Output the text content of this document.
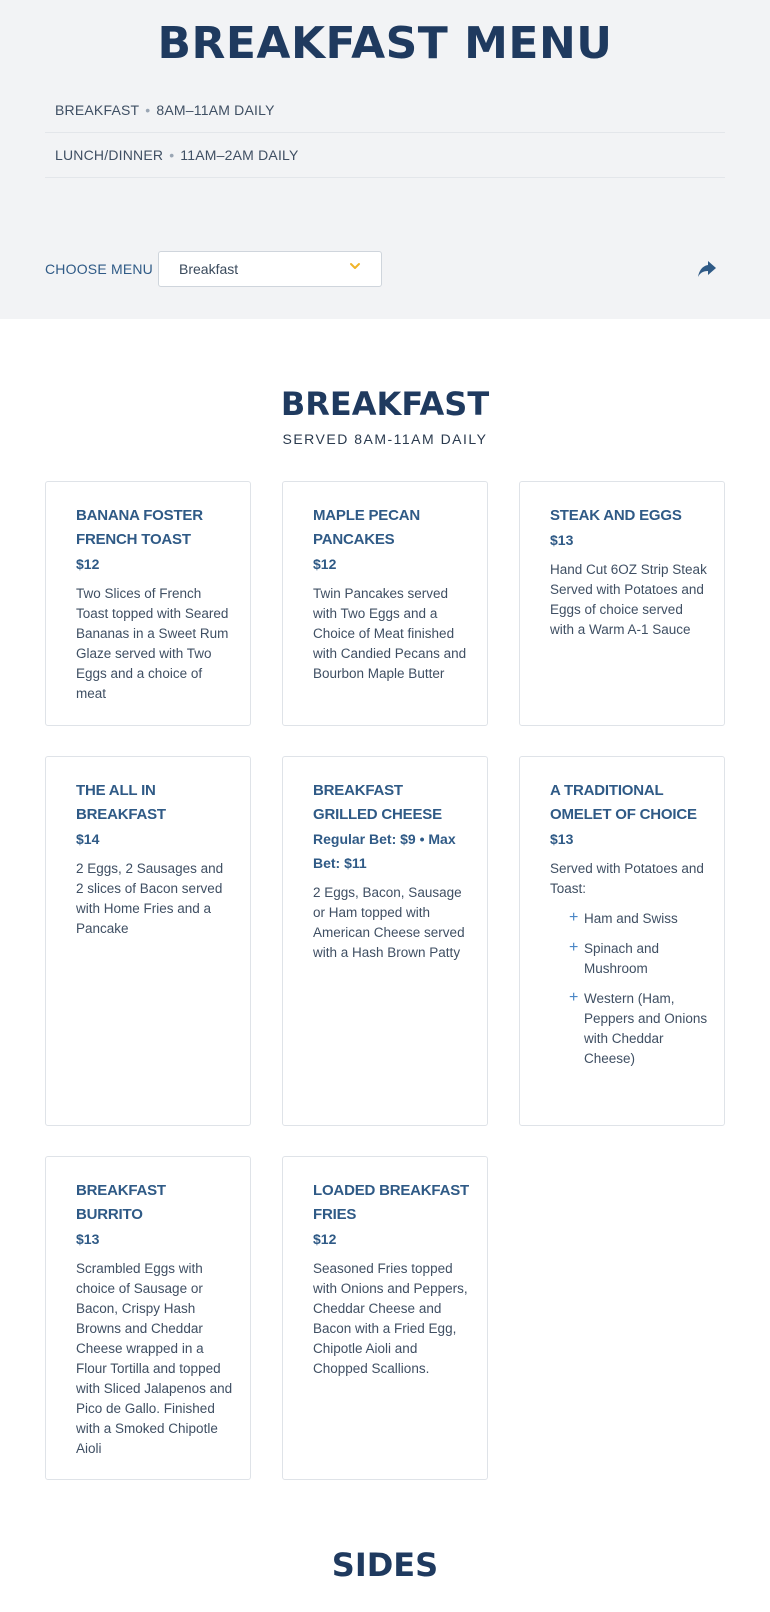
BREAKFAST MENU
BREAKFAST • 8AM–11AM DAILY
LUNCH/DINNER • 11AM–2AM DAILY
CHOOSE MENU Breakfast
BREAKFAST
SERVED 8AM-11AM DAILY
BANANA FOSTER FRENCH TOAST
$12

Two Slices of French Toast topped with Seared Bananas in a Sweet Rum Glaze served with Two Eggs and a choice of meat

MAPLE PECAN PANCAKES
$12

Twin Pancakes served with Two Eggs and a Choice of Meat finished with Candied Pecans and Bourbon Maple Butter

STEAK AND EGGS
$13

Hand Cut 6OZ Strip Steak Served with Potatoes and Eggs of choice served with a Warm A-1 Sauce

THE ALL IN BREAKFAST
$14

2 Eggs, 2 Sausages and 2 slices of Bacon served with Home Fries and a Pancake

BREAKFAST GRILLED CHEESE
Regular Bet: $9 • Max Bet: $11

2 Eggs, Bacon, Sausage or Ham topped with American Cheese served with a Hash Brown Patty

A TRADITIONAL OMELET OF CHOICE
$13

Served with Potatoes and Toast:

+ Ham and Swiss
+ Spinach and Mushroom
+ Western (Ham, Peppers and Onions with Cheddar Cheese)
BREAKFAST BURRITO
$13

Scrambled Eggs with choice of Sausage or Bacon, Crispy Hash Browns and Cheddar Cheese wrapped in a Flour Tortilla and topped with Sliced Jalapenos and Pico de Gallo. Finished with a Smoked Chipotle Aioli

LOADED BREAKFAST FRIES
$12

Seasoned Fries topped with Onions and Peppers, Cheddar Cheese and Bacon with a Fried Egg, Chipotle Aioli and Chopped Scallions.

SIDES
